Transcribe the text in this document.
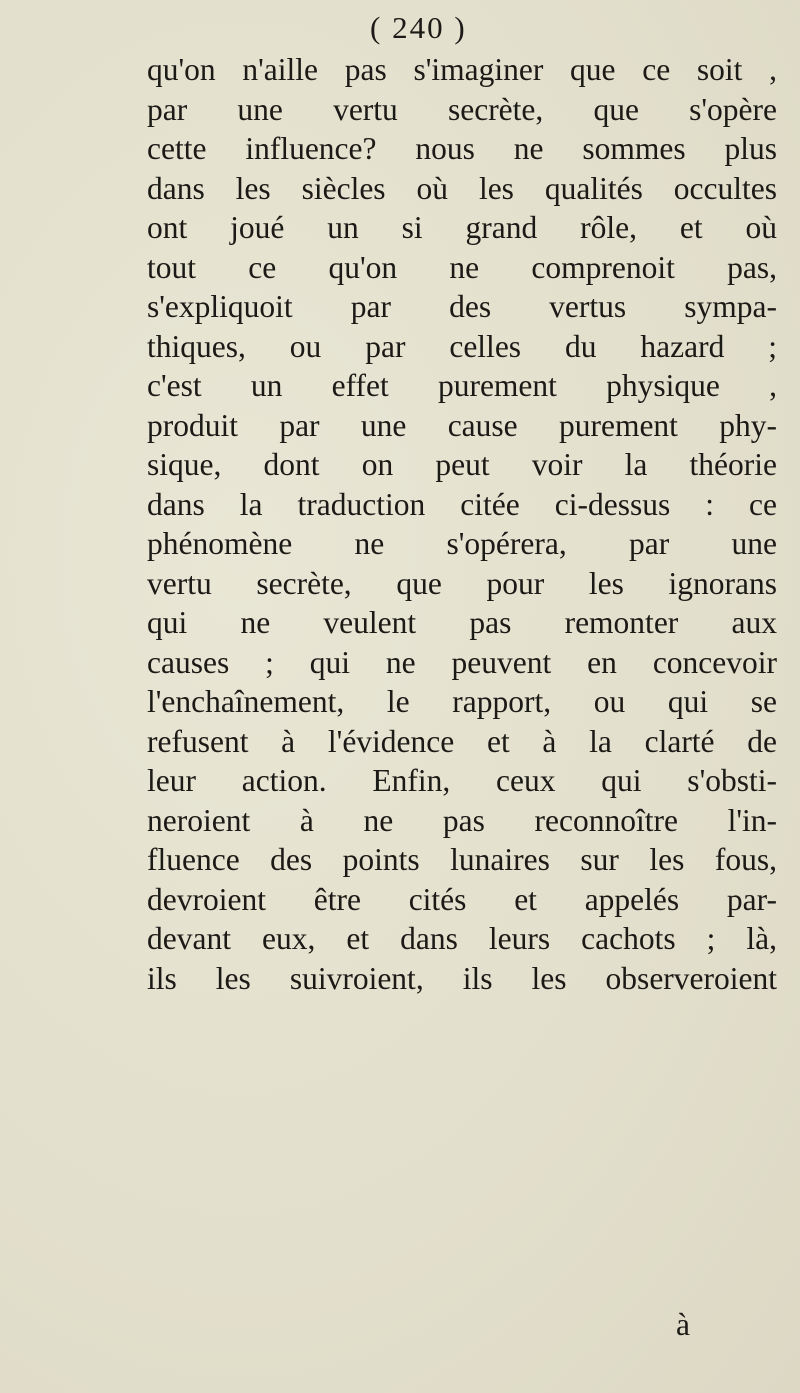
( 240 )
qu'on n'aille pas s'imaginer que ce soit ,
par une vertu secrète, que s'opère
cette influence? nous ne sommes plus
dans les siècles où les qualités occultes
ont joué un si grand rôle, et où
tout ce qu'on ne comprenoit pas,
s'expliquoit par des vertus sympa-
thiques, ou par celles du hazard ;
c'est un effet purement physique ,
produit par une cause purement phy-
sique, dont on peut voir la théorie
dans la traduction citée ci-dessus : ce
phénomène ne s'opérera, par une
vertu secrète, que pour les ignorans
qui ne veulent pas remonter aux
causes ; qui ne peuvent en concevoir
l'enchaînement, le rapport, ou qui se
refusent à l'évidence et à la clarté de
leur action. Enfin, ceux qui s'obsti-
neroient à ne pas reconnoître l'in-
fluence des points lunaires sur les fous,
devroient être cités et appelés par-
devant eux, et dans leurs cachots ; là,
ils les suivroient, ils les observeroient
à
